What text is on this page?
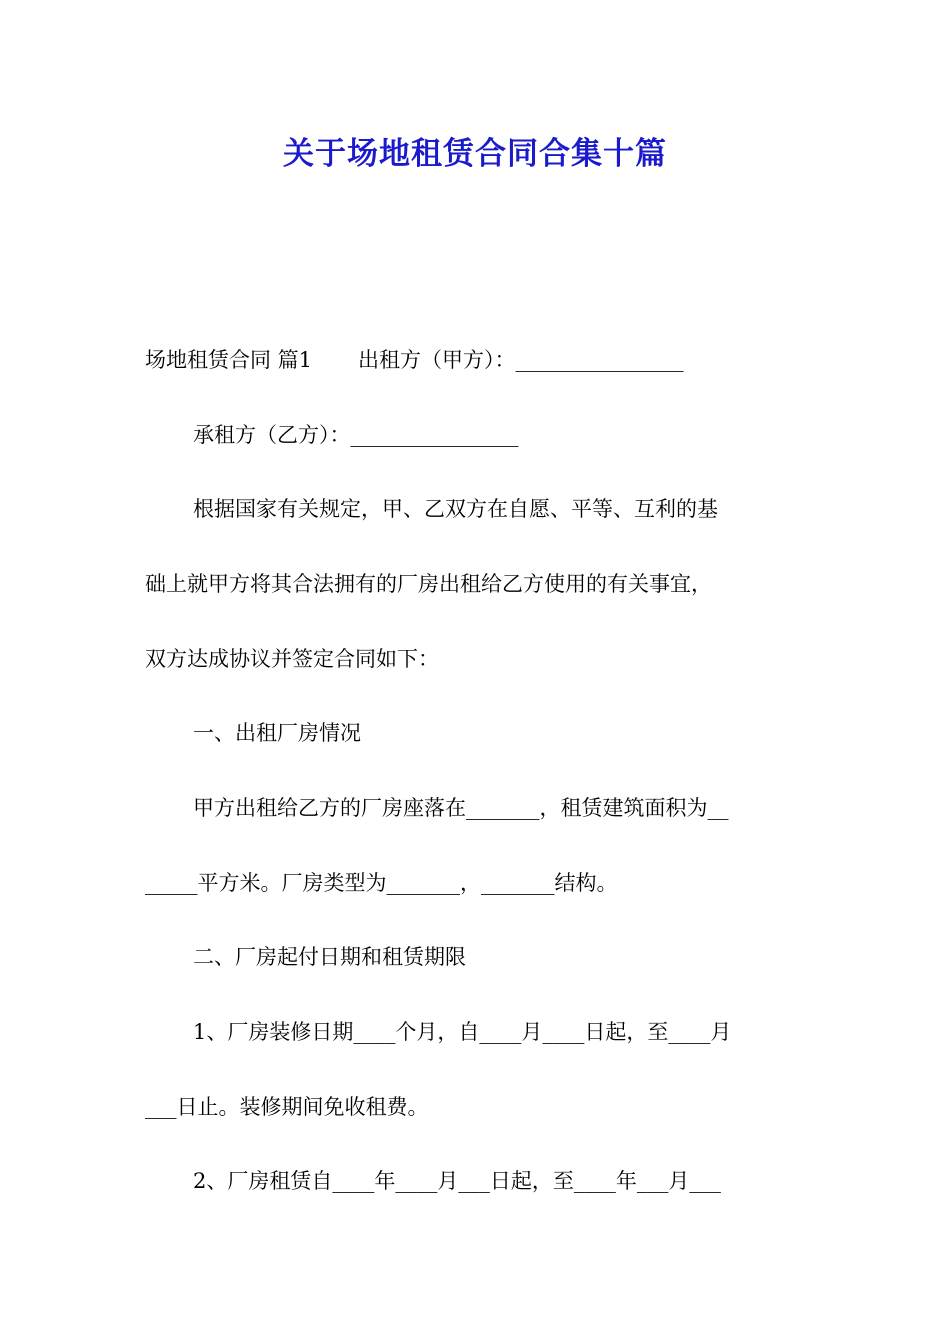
关于场地租赁合同合集十篇
场地租赁合同 篇1 出租方（甲方）：________________
承租方（乙方）：________________
根据国家有关规定，甲、乙双方在自愿、平等、互利的基
础上就甲方将其合法拥有的厂房出租给乙方使用的有关事宜，
双方达成协议并签定合同如下：
一、出租厂房情况
甲方出租给乙方的厂房座落在_______，租赁建筑面积为__
_____平方米。厂房类型为_______，_______结构。
二、厂房起付日期和租赁期限
1、厂房装修日期____个月，自____月____日起，至____月
___日止。装修期间免收租费。
2、厂房租赁自____年____月___日起，至____年___月___
